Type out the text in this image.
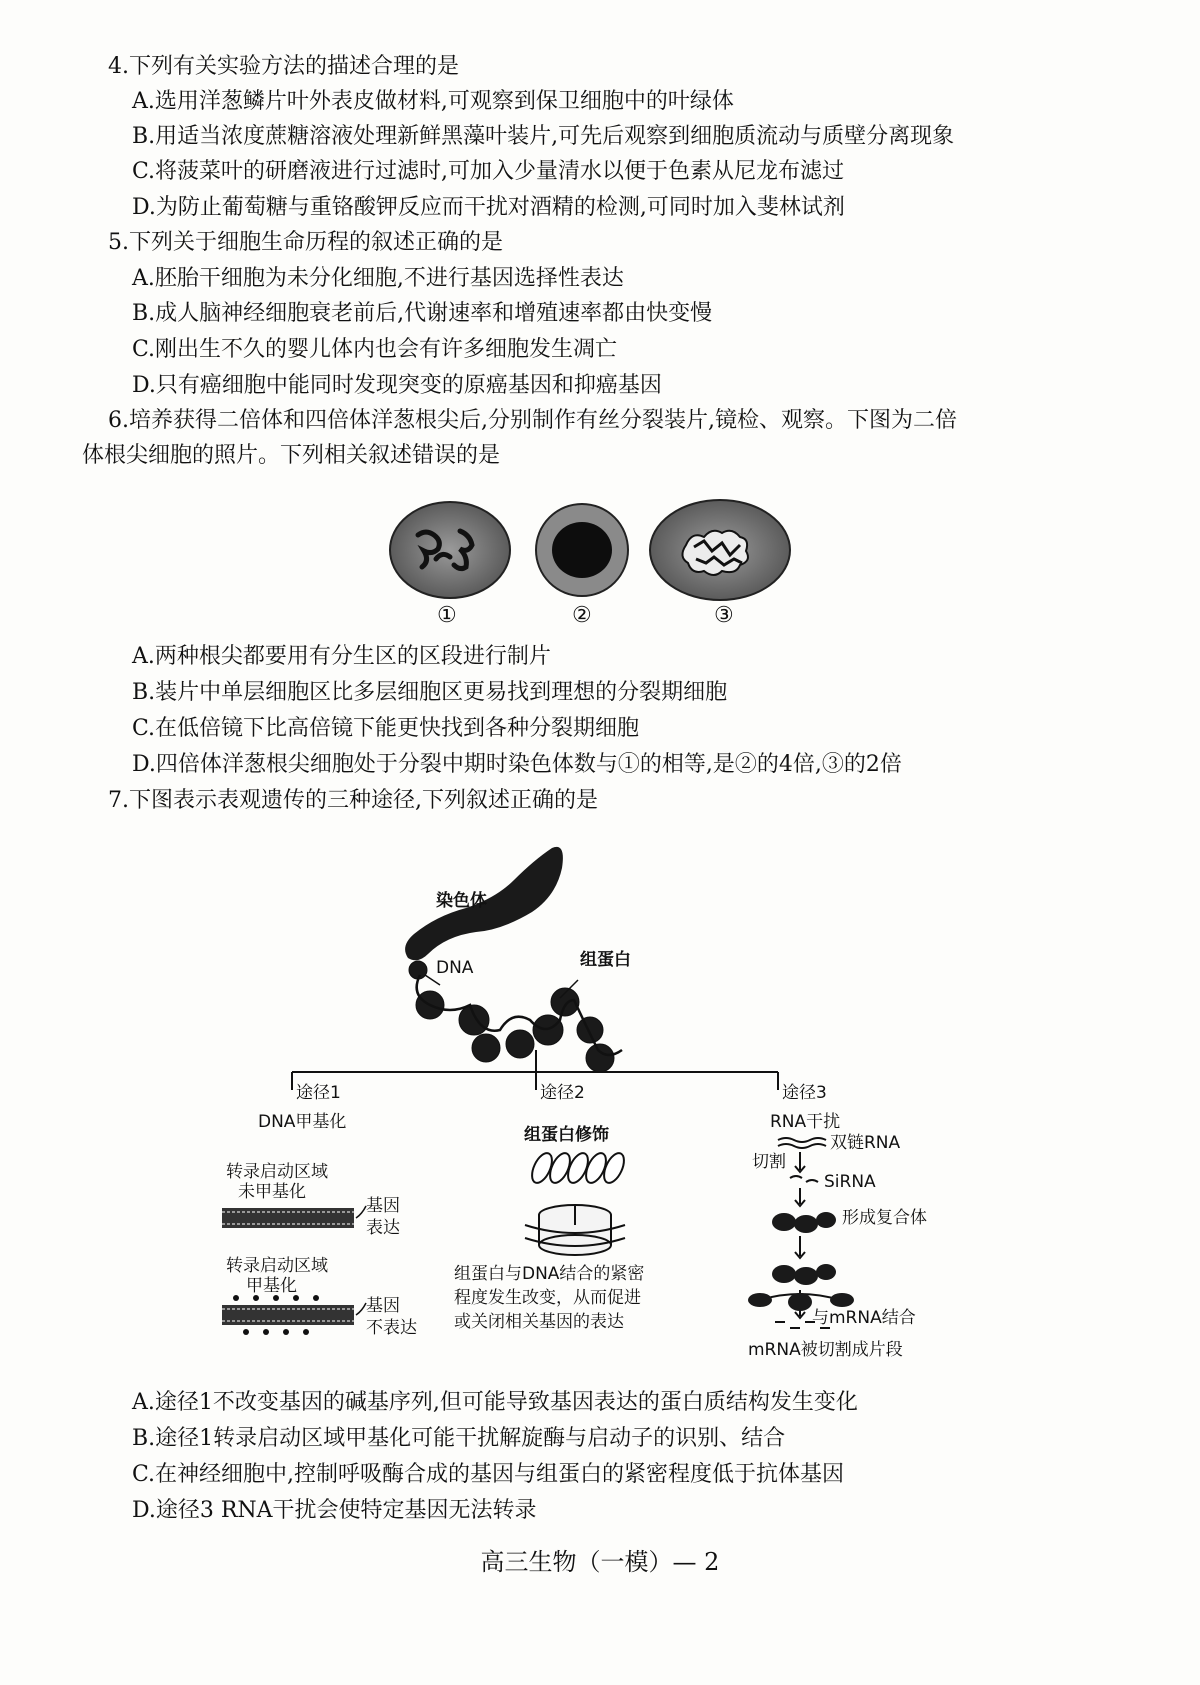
4.下列有关实验方法的描述合理的是
A.选用洋葱鳞片叶外表皮做材料,可观察到保卫细胞中的叶绿体
B.用适当浓度蔗糖溶液处理新鲜黑藻叶装片,可先后观察到细胞质流动与质壁分离现象
C.将菠菜叶的研磨液进行过滤时,可加入少量清水以便于色素从尼龙布滤过
D.为防止葡萄糖与重铬酸钾反应而干扰对酒精的检测,可同时加入斐林试剂
5.下列关于细胞生命历程的叙述正确的是
A.胚胎干细胞为未分化细胞,不进行基因选择性表达
B.成人脑神经细胞衰老前后,代谢速率和增殖速率都由快变慢
C.刚出生不久的婴儿体内也会有许多细胞发生凋亡
D.只有癌细胞中能同时发现突变的原癌基因和抑癌基因
6.培养获得二倍体和四倍体洋葱根尖后,分别制作有丝分裂装片,镜检、观察。下图为二倍
体根尖细胞的照片。下列相关叙述错误的是
①	②	③
A.两种根尖都要用有分生区的区段进行制片
B.装片中单层细胞区比多层细胞区更易找到理想的分裂期细胞
C.在低倍镜下比高倍镜下能更快找到各种分裂期细胞
D.四倍体洋葱根尖细胞处于分裂中期时染色体数与①的相等,是②的4倍,③的2倍
7.下图表示表观遗传的三种途径,下列叙述正确的是
染色体
DNA	组蛋白
途径1	途径2	途径3
DNA甲基化
组蛋白修饰
RNA干扰
转录启动区域
未甲基化
基因
表达
转录启动区域
甲基化
基因
不表达
组蛋白与DNA结合的紧密
程度发生改变，从而促进
或关闭相关基因的表达
双链RNA
切割
SiRNA
形成复合体
与mRNA结合
mRNA被切割成片段
A.途径1不改变基因的碱基序列,但可能导致基因表达的蛋白质结构发生变化
B.途径1转录启动区域甲基化可能干扰解旋酶与启动子的识别、结合
C.在神经细胞中,控制呼吸酶合成的基因与组蛋白的紧密程度低于抗体基因
D.途径3 RNA干扰会使特定基因无法转录
高三生物（一模）— 2
